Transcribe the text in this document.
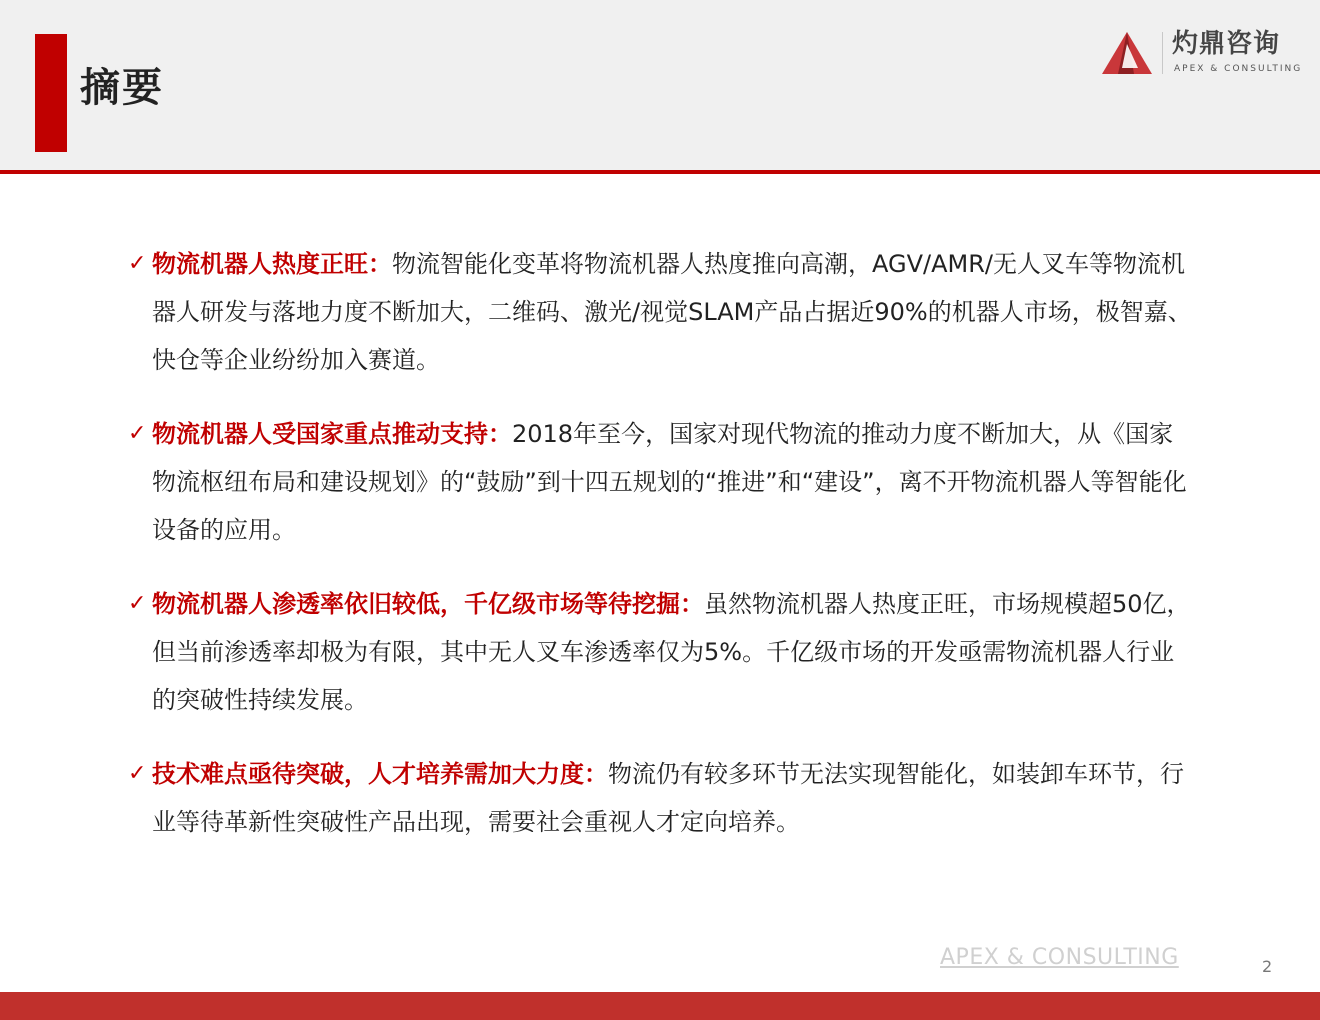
摘要
灼鼎咨询
APEX & CONSULTING
✓ 物流机器人热度正旺：物流智能化变革将物流机器人热度推向高潮，AGV/AMR/无人叉车等物流机器人研发与落地力度不断加大，二维码、激光/视觉SLAM产品占据近90%的机器人市场，极智嘉、快仓等企业纷纷加入赛道。
✓ 物流机器人受国家重点推动支持：2018年至今，国家对现代物流的推动力度不断加大，从《国家物流枢纽布局和建设规划》的“鼓励”到十四五规划的“推进”和“建设”，离不开物流机器人等智能化设备的应用。
✓ 物流机器人渗透率依旧较低，千亿级市场等待挖掘：虽然物流机器人热度正旺，市场规模超50亿，但当前渗透率却极为有限，其中无人叉车渗透率仅为5%。千亿级市场的开发亟需物流机器人行业的突破性持续发展。
✓ 技术难点亟待突破，人才培养需加大力度：物流仍有较多环节无法实现智能化，如装卸车环节，行业等待革新性突破性产品出现，需要社会重视人才定向培养。
APEX & CONSULTING	2
